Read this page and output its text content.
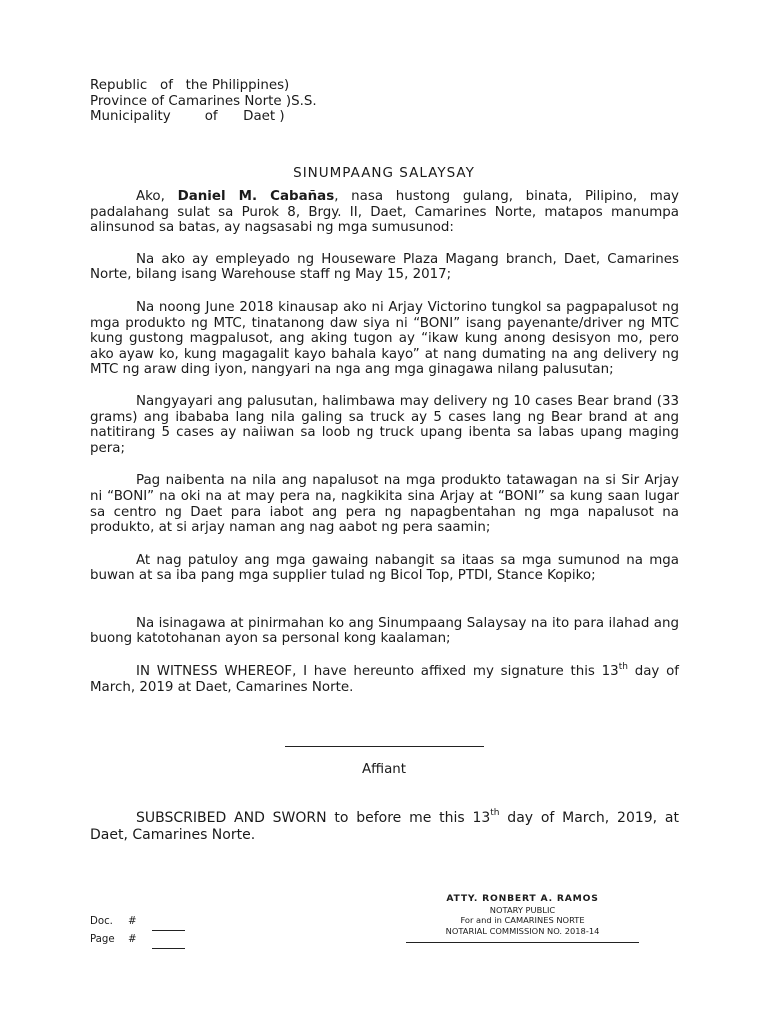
Republic   of   the Philippines)
Province of Camarines Norte )S.S.
Municipality        of      Daet )
SINUMPAANG SALAYSAY

Ako, Daniel M. Cabañas, nasa hustong gulang, binata, Pilipino, may padalahang sulat sa Purok 8, Brgy. II, Daet, Camarines Norte, matapos manumpa alinsunod sa batas, ay nagsasabi ng mga sumusunod:

Na ako ay empleyado ng Houseware Plaza Magang branch, Daet, Camarines Norte, bilang isang Warehouse staff ng May 15, 2017;

Na noong June 2018 kinausap ako ni Arjay Victorino tungkol sa pagpapalusot ng mga produkto ng MTC, tinatanong daw siya ni “BONI” isang payenante/driver ng MTC kung gustong magpalusot, ang aking tugon ay “ikaw kung anong desisyon mo, pero ako ayaw ko, kung magagalit kayo bahala kayo” at nang dumating na ang delivery ng MTC ng araw ding iyon, nangyari na nga ang mga ginagawa nilang palusutan;

Nangyayari ang palusutan, halimbawa may delivery ng 10 cases Bear brand (33 grams) ang ibababa lang nila galing sa truck ay 5 cases lang ng Bear brand at ang natitirang 5 cases ay naiiwan sa loob ng truck upang ibenta sa labas upang maging pera;

Pag naibenta na nila ang napalusot na mga produkto tatawagan na si Sir Arjay ni “BONI” na oki na at may pera na, nagkikita sina Arjay at “BONI” sa kung saan lugar sa centro ng Daet para iabot ang pera ng napagbentahan ng mga napalusot na produkto, at si arjay naman ang nag aabot ng pera saamin;

At nag patuloy ang mga gawaing nabangit sa itaas sa mga sumunod na mga buwan at sa iba pang mga supplier tulad ng Bicol Top, PTDI, Stance Kopiko;

Na isinagawa at pinirmahan ko ang Sinumpaang Salaysay na ito para ilahad ang buong katotohanan ayon sa personal kong kaalaman;

IN WITNESS WHEREOF, I have hereunto affixed my signature this 13th day of March, 2019 at Daet, Camarines Norte.

Affiant

SUBSCRIBED AND SWORN to before me this 13th day of March, 2019, at Daet, Camarines Norte.

ATTY. RONBERT A. RAMOS
NOTARY PUBLIC
For and in CAMARINES NORTE
NOTARIAL COMMISSION NO. 2018-14
Doc.	#
Page	#
